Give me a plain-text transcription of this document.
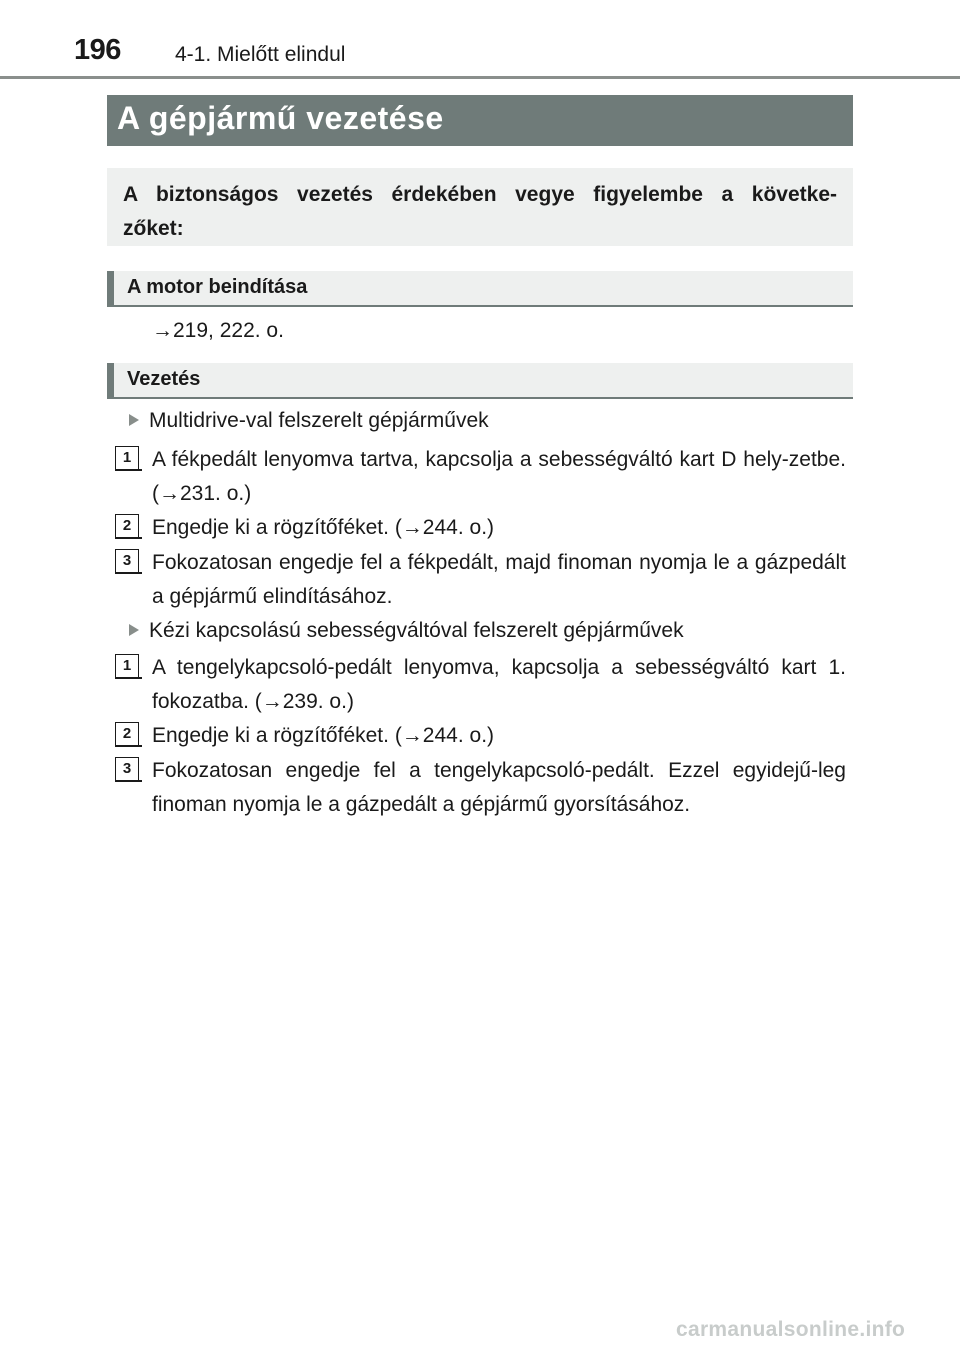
196	4-1. Mielőtt elindul
A gépjármű vezetése
A biztonságos vezetés érdekében vegye figyelembe a követke-zőket:
A motor beindítása
→219, 222. o.
Vezetés
Multidrive-val felszerelt gépjárművek
1 A fékpedált lenyomva tartva, kapcsolja a sebességváltó kart D hely-zetbe. (→231. o.)
2 Engedje ki a rögzítőféket. (→244. o.)
3 Fokozatosan engedje fel a fékpedált, majd finoman nyomja le a gázpedált a gépjármű elindításához.
Kézi kapcsolású sebességváltóval felszerelt gépjárművek
1 A tengelykapcsoló-pedált lenyomva, kapcsolja a sebességváltó kart 1. fokozatba. (→239. o.)
2 Engedje ki a rögzítőféket. (→244. o.)
3 Fokozatosan engedje fel a tengelykapcsoló-pedált. Ezzel egyidejű-leg finoman nyomja le a gázpedált a gépjármű gyorsításához.
carmanualsonline.info
